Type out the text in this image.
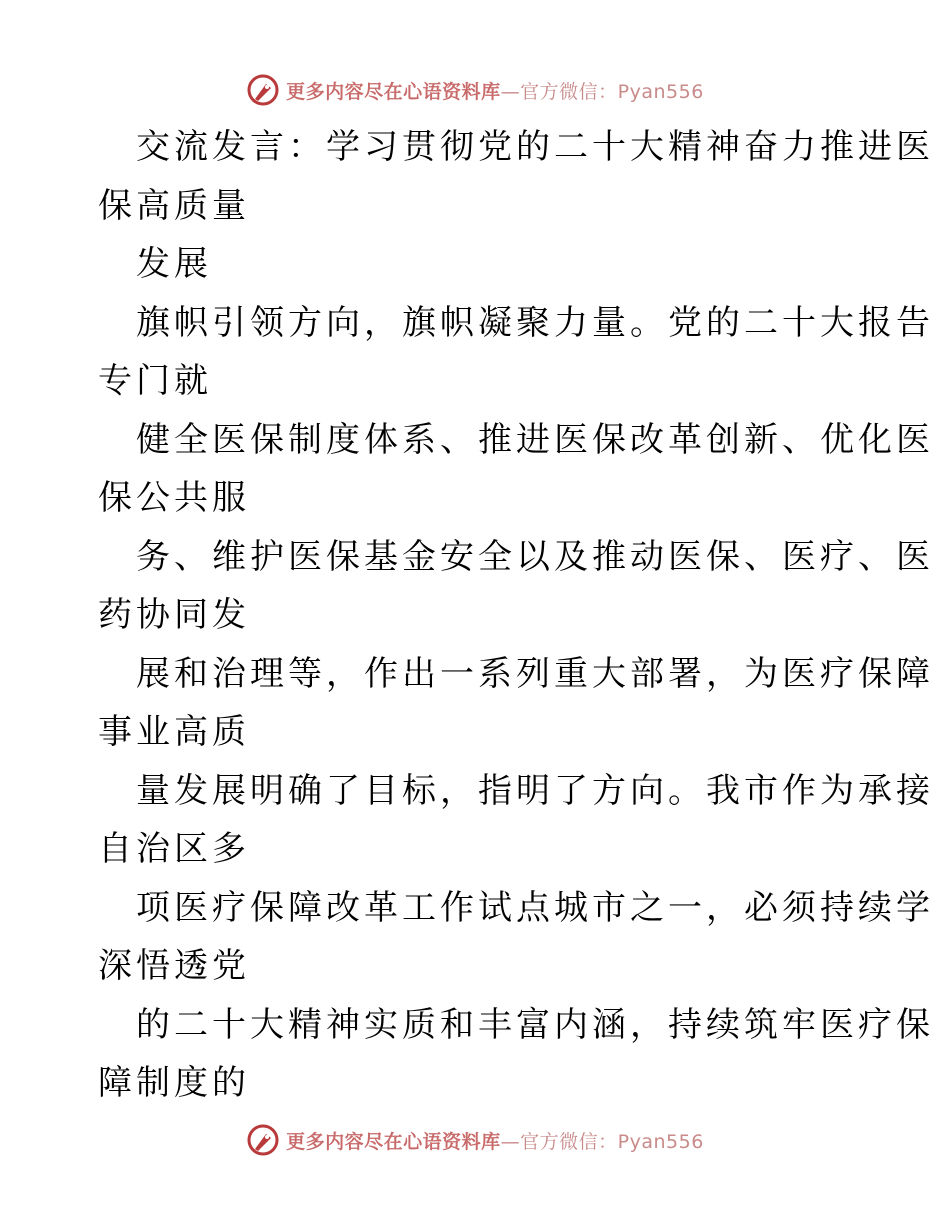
更多内容尽在心语资料库—官方微信：Pyan556
交流发言：学习贯彻党的二十大精神奋力推进医
保高质量
发展
旗帜引领方向，旗帜凝聚力量。党的二十大报告
专门就
健全医保制度体系、推进医保改革创新、优化医
保公共服
务、维护医保基金安全以及推动医保、医疗、医
药协同发
展和治理等，作出一系列重大部署，为医疗保障
事业高质
量发展明确了目标，指明了方向。我市作为承接
自治区多
项医疗保障改革工作试点城市之一，必须持续学
深悟透党
的二十大精神实质和丰富内涵，持续筑牢医疗保
障制度的
更多内容尽在心语资料库—官方微信：Pyan556
